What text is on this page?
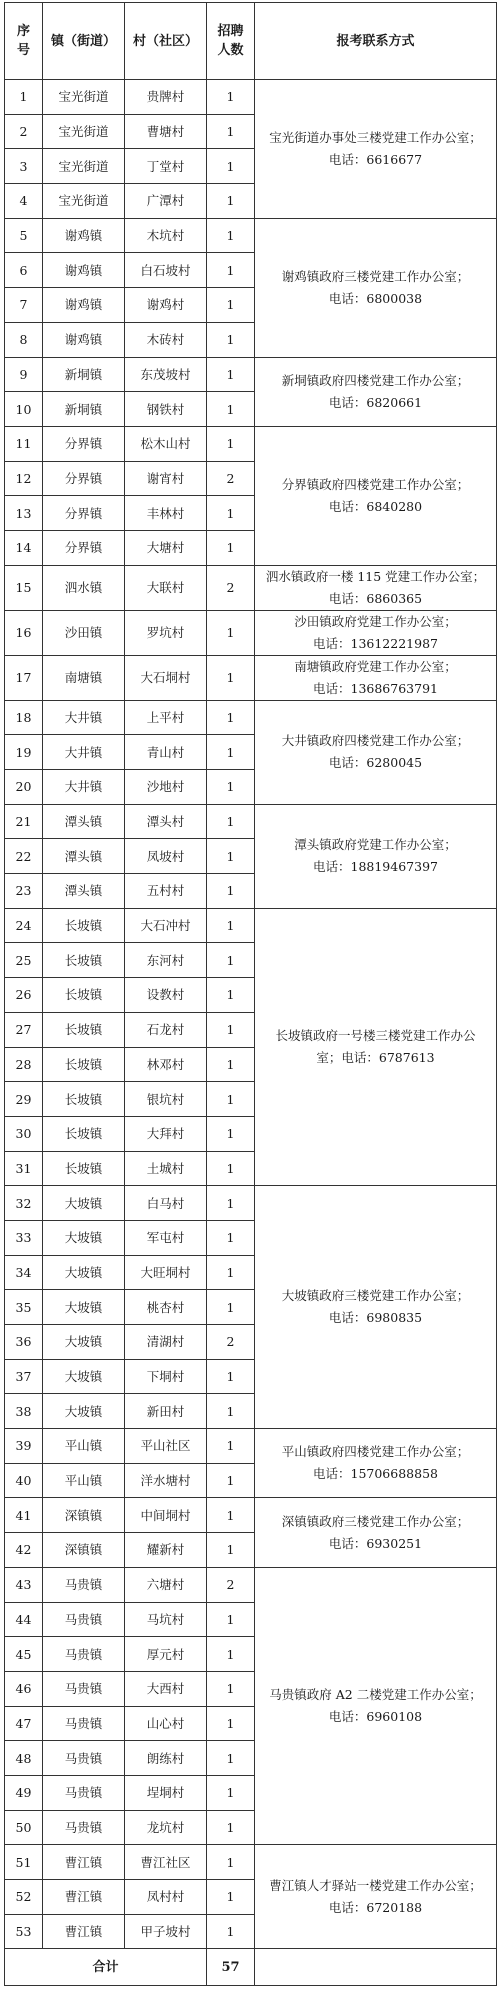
序
号	镇（街道）	村（社区）	招聘
人数	报考联系方式
1	宝光街道	贵牌村	1	宝光街道办事处三楼党建工作办公室；
电话：6616677

2	宝光街道	曹塘村	1	
3	宝光街道	丁堂村	1	
4	宝光街道	广潭村	1	
5	谢鸡镇	木坑村	1	谢鸡镇政府三楼党建工作办公室；
电话：6800038

6	谢鸡镇	白石坡村	1	
7	谢鸡镇	谢鸡村	1	
8	谢鸡镇	木砖村	1	
9	新垌镇	东茂坡村	1	新垌镇政府四楼党建工作办公室；
电话：6820661

10	新垌镇	钢铁村	1	
11	分界镇	松木山村	1	分界镇政府四楼党建工作办公室；
电话：6840280

12	分界镇	谢宵村	2	
13	分界镇	丰林村	1	
14	分界镇	大塘村	1	
15	泗水镇	大联村	2	泗水镇政府一楼 115 党建工作办公室；
电话：6860365

16	沙田镇	罗坑村	1	沙田镇政府党建工作办公室；
电话：13612221987

17	南塘镇	大石垌村	1	南塘镇政府党建工作办公室；
电话：13686763791

18	大井镇	上平村	1	大井镇政府四楼党建工作办公室；
电话：6280045

19	大井镇	青山村	1	
20	大井镇	沙地村	1	
21	潭头镇	潭头村	1	潭头镇政府党建工作办公室；
电话：18819467397

22	潭头镇	凤坡村	1	
23	潭头镇	五村村	1	
24	长坡镇	大石冲村	1	长坡镇政府一号楼三楼党建工作办公
室；电话：6787613

25	长坡镇	东河村	1	
26	长坡镇	设教村	1	
27	长坡镇	石龙村	1	
28	长坡镇	林邓村	1	
29	长坡镇	银坑村	1	
30	长坡镇	大拜村	1	
31	长坡镇	土城村	1	
32	大坡镇	白马村	1	大坡镇政府三楼党建工作办公室；
电话：6980835

33	大坡镇	军屯村	1	
34	大坡镇	大旺垌村	1	
35	大坡镇	桃杏村	1	
36	大坡镇	清湖村	2	
37	大坡镇	下垌村	1	
38	大坡镇	新田村	1	
39	平山镇	平山社区	1	平山镇政府四楼党建工作办公室；
电话：15706688858

40	平山镇	洋水塘村	1	
41	深镇镇	中间垌村	1	深镇镇政府三楼党建工作办公室；
电话：6930251

42	深镇镇	耀新村	1	
43	马贵镇	六塘村	2	马贵镇政府 A2 二楼党建工作办公室；
电话：6960108

44	马贵镇	马坑村	1	
45	马贵镇	厚元村	1	
46	马贵镇	大西村	1	
47	马贵镇	山心村	1	
48	马贵镇	朗练村	1	
49	马贵镇	埕垌村	1	
50	马贵镇	龙坑村	1	
51	曹江镇	曹江社区	1	曹江镇人才驿站一楼党建工作办公室；
电话：6720188

52	曹江镇	凤村村	1	
53	曹江镇	甲子坡村	1	
合计			57	
